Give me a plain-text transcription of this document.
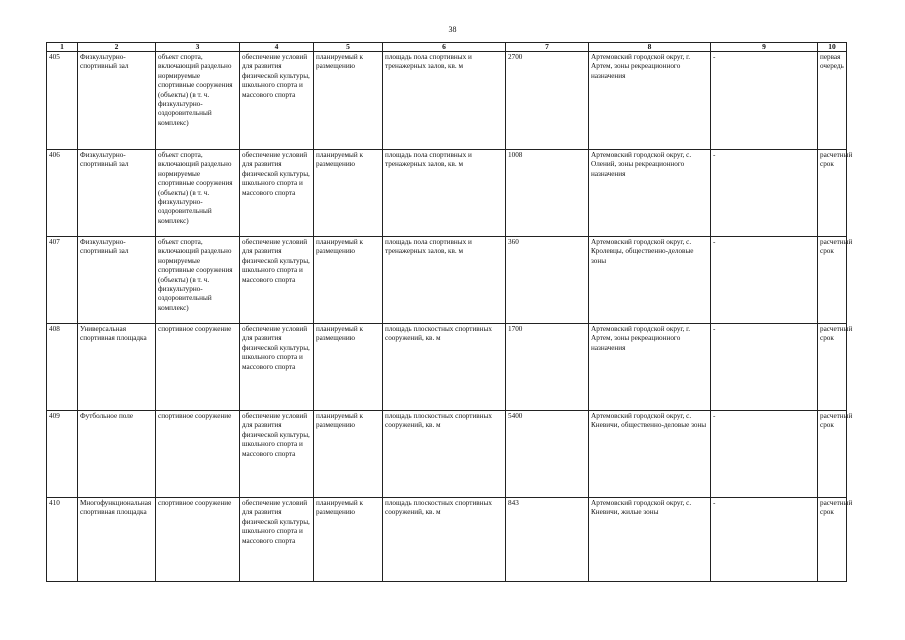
38
1	2	3	4	5	6	7	8	9	10
405	Физкультурно-спортивный зал	объект спорта, включающий раздельно нормируемые спортивные сооружения (объекты) (в т. ч. физкультурно-оздоровительный комплекс)	обеспечение условий для развития физической культуры, школьного спорта и массового спорта	планируемый к размещению	площадь пола спортивных и тренажерных залов, кв. м	2700	Артемовский городской округ, г. Артем, зоны рекреационного назначения	-	первая очередь
406	Физкультурно-спортивный зал	объект спорта, включающий раздельно нормируемые спортивные сооружения (объекты) (в т. ч. физкультурно-оздоровительный комплекс)	обеспечение условий для развития физической культуры, школьного спорта и массового спорта	планируемый к размещению	площадь пола спортивных и тренажерных залов, кв. м	1008	Артемовский городской округ, с. Олений, зоны рекреационного назначения	-	расчетный срок
407	Физкультурно-спортивный зал	объект спорта, включающий раздельно нормируемые спортивные сооружения (объекты) (в т. ч. физкультурно-оздоровительный комплекс)	обеспечение условий для развития физической культуры, школьного спорта и массового спорта	планируемый к размещению	площадь пола спортивных и тренажерных залов, кв. м	360	Артемовский городской округ, с. Кролевцы, общественно-деловые зоны	-	расчетный срок
408	Универсальная спортивная площадка	спортивное сооружение	обеспечение условий для развития физической культуры, школьного спорта и массового спорта	планируемый к размещению	площадь плоскостных спортивных сооружений, кв. м	1700	Артемовский городской округ, г. Артем, зоны рекреационного назначения	-	расчетный срок
409	Футбольное поле	спортивное сооружение	обеспечение условий для развития физической культуры, школьного спорта и массового спорта	планируемый к размещению	площадь плоскостных спортивных сооружений, кв. м	5400	Артемовский городской округ, с. Кневичи, общественно-деловые зоны	-	расчетный срок
410	Многофункциональная спортивная площадка	спортивное сооружение	обеспечение условий для развития физической культуры, школьного спорта и массового спорта	планируемый к размещению	площадь плоскостных спортивных сооружений, кв. м	843	Артемовский городской округ, с. Кневичи, жилые зоны	-	расчетный срок
